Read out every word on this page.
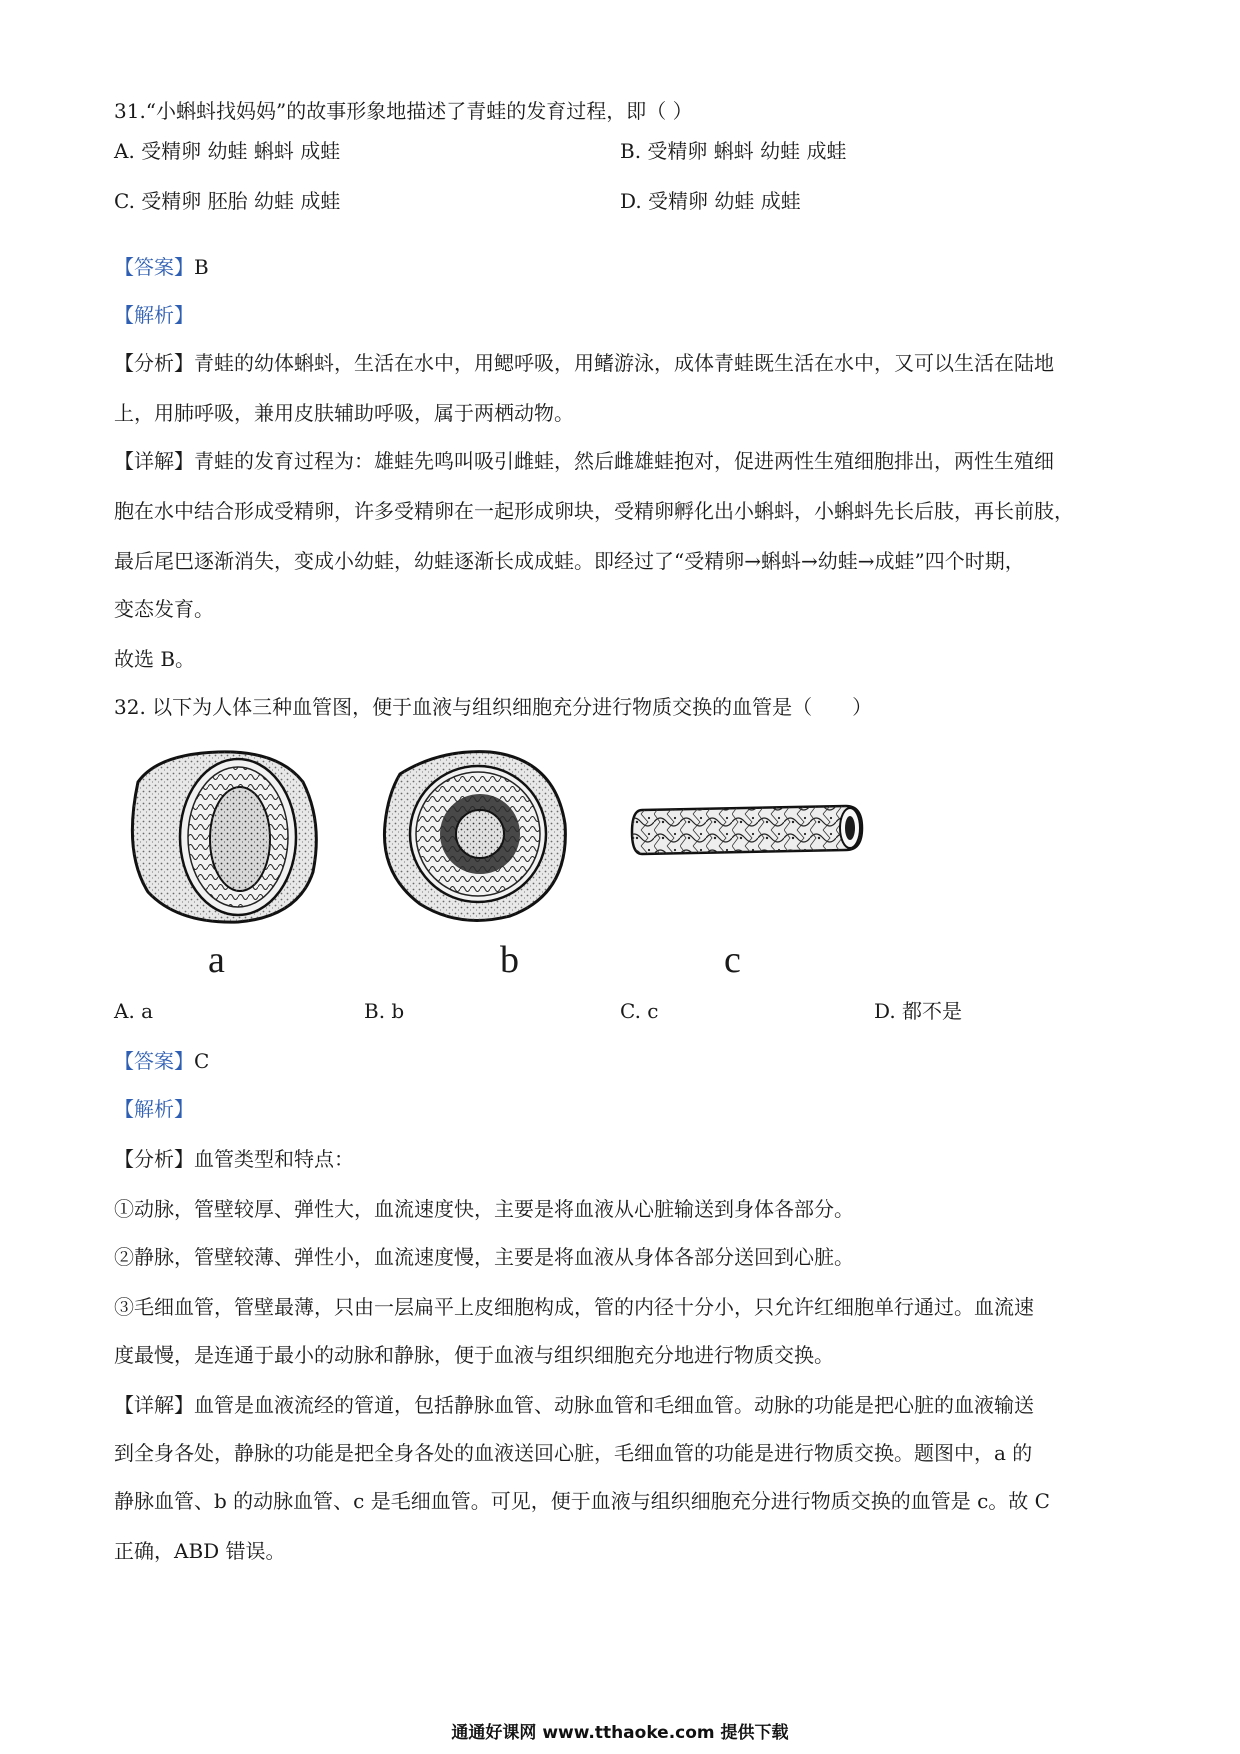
31.“小蝌蚪找妈妈”的故事形象地描述了青蛙的发育过程，即（ ）
A. 受精卵 幼蛙 蝌蚪 成蛙	B. 受精卵 蝌蚪 幼蛙 成蛙
C. 受精卵 胚胎 幼蛙 成蛙	D. 受精卵 幼蛙 成蛙
【答案】B
【解析】
【分析】青蛙的幼体蝌蚪，生活在水中，用鳃呼吸，用鳍游泳，成体青蛙既生活在水中，又可以生活在陆地
上，用肺呼吸，兼用皮肤辅助呼吸，属于两栖动物。
【详解】青蛙的发育过程为：雄蛙先鸣叫吸引雌蛙，然后雌雄蛙抱对，促进两性生殖细胞排出，两性生殖细
胞在水中结合形成受精卵，许多受精卵在一起形成卵块，受精卵孵化出小蝌蚪，小蝌蚪先长后肢，再长前肢，
最后尾巴逐渐消失，变成小幼蛙，幼蛙逐渐长成成蛙。即经过了“受精卵→蝌蚪→幼蛙→成蛙”四个时期，
变态发育。
故选 B。
32. 以下为人体三种血管图，便于血液与组织细胞充分进行物质交换的血管是（　　）
a	b	c
A. a	B. b	C. c	D. 都不是
【答案】C
【解析】
【分析】血管类型和特点：
①动脉，管壁较厚、弹性大，血流速度快，主要是将血液从心脏输送到身体各部分。
②静脉，管壁较薄、弹性小，血流速度慢，主要是将血液从身体各部分送回到心脏。
③毛细血管，管壁最薄，只由一层扁平上皮细胞构成，管的内径十分小，只允许红细胞单行通过。血流速
度最慢，是连通于最小的动脉和静脉，便于血液与组织细胞充分地进行物质交换。
【详解】血管是血液流经的管道，包括静脉血管、动脉血管和毛细血管。动脉的功能是把心脏的血液输送
到全身各处，静脉的功能是把全身各处的血液送回心脏，毛细血管的功能是进行物质交换。题图中，a 的
静脉血管、b 的动脉血管、c 是毛细血管。可见，便于血液与组织细胞充分进行物质交换的血管是 c。故 C
正确，ABD 错误。
通通好课网 www.tthaoke.com 提供下载
